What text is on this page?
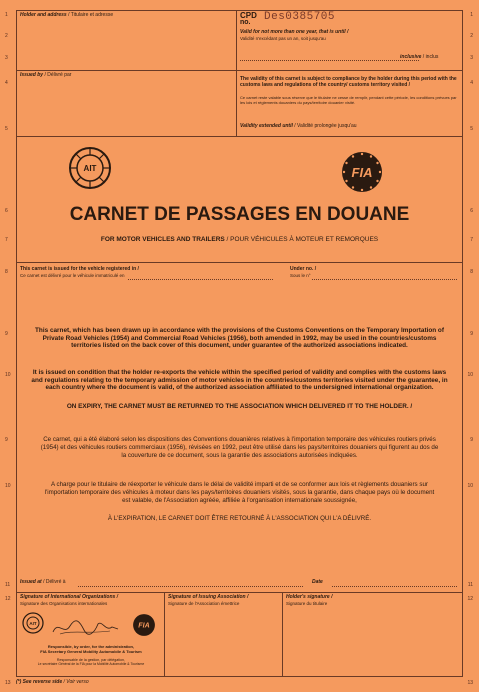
1	1
2	2
3	3
4	4
5	5
6	6
7	7
8	8
9	9
10	10
9	9
10	10
11	11
12	12
13	13
Holder and address / Titulaire et adresse
Issued by / Délivré par
CPD
no. Des0385705
Valid for not more than one year, that is until /
Validité n'excédant pas un an, soit jusqu'au
inclusive / inclus
The validity of this carnet is subject to compliance by the holder during this period with the customs laws and regulations of the country/ customs territory visited /
Ce carnet reste valable sous réserve que le titulaire ne cesse de remplir, pendant cette période, les conditions prévues par les lois et règlements douaniers du pays/territoire douanier visité.
Validity extended until / Validité prolongée jusqu'au
AIT	FIA
CARNET DE PASSAGES EN DOUANE
FOR MOTOR VEHICLES AND TRAILERS / POUR VÉHICULES À MOTEUR ET REMORQUES
This carnet is issued for the vehicle registered in /
Ce carnet est délivré pour le véhicule immatriculé en
Under no. /
Sous le n°
This carnet, which has been drawn up in accordance with the provisions of the Customs Conventions on the Temporary Importation of Private Road Vehicles (1954) and Commercial Road Vehicles (1956), both amended in 1992, may be used in the countries/customs territories listed on the back cover of this document, under guarantee of the authorized associations indicated.
It is issued on condition that the holder re-exports the vehicle within the specified period of validity and complies with the customs laws and regulations relating to the temporary admission of motor vehicles in the countries/customs territories visited under the guarantee, in each country where the document is valid, of the authorized association affiliated to the undersigned international organization.
ON EXPIRY, THE CARNET MUST BE RETURNED TO THE ASSOCIATION WHICH DELIVERED IT TO THE HOLDER. /
Ce carnet, qui a été élaboré selon les dispositions des Conventions douanières relatives à l'importation temporaire des véhicules routiers privés (1954) et des véhicules routiers commerciaux (1956), révisées en 1992, peut être utilisé dans les pays/territoires douaniers qui figurent au dos de la couverture de ce document, sous la garantie des associations autorisées indiquées.
A charge pour le titulaire de réexporter le véhicule dans le délai de validité imparti et de se conformer aux lois et règlements douaniers sur l'importation temporaire des véhicules à moteur dans les pays/territoires douaniers visités, sous la garantie, dans chaque pays où le document est valable, de l'Association agréée, affiliée à l'organisation internationale soussignée,
À L'EXPIRATION, LE CARNET DOIT ÊTRE RETOURNÉ À L'ASSOCIATION QUI L'A DÉLIVRÉ.
Issued at / Délivré à	Date
Signature of International Organizations /
Signature des Organisations internationales
Signature of Issuing Association /
Signature de l'Association émettrice
Holder's signature /
Signature du titulaire
AIT	FIA
Responsible, by order, for the administration,
FIA Secretary General Mobility Automobile & Tourism
Responsable de la gestion, par délégation,
Le secrétaire Général de la FIA pour la Mobilité Automobile & Tourisme
(*) See reverse side / Voir verso
